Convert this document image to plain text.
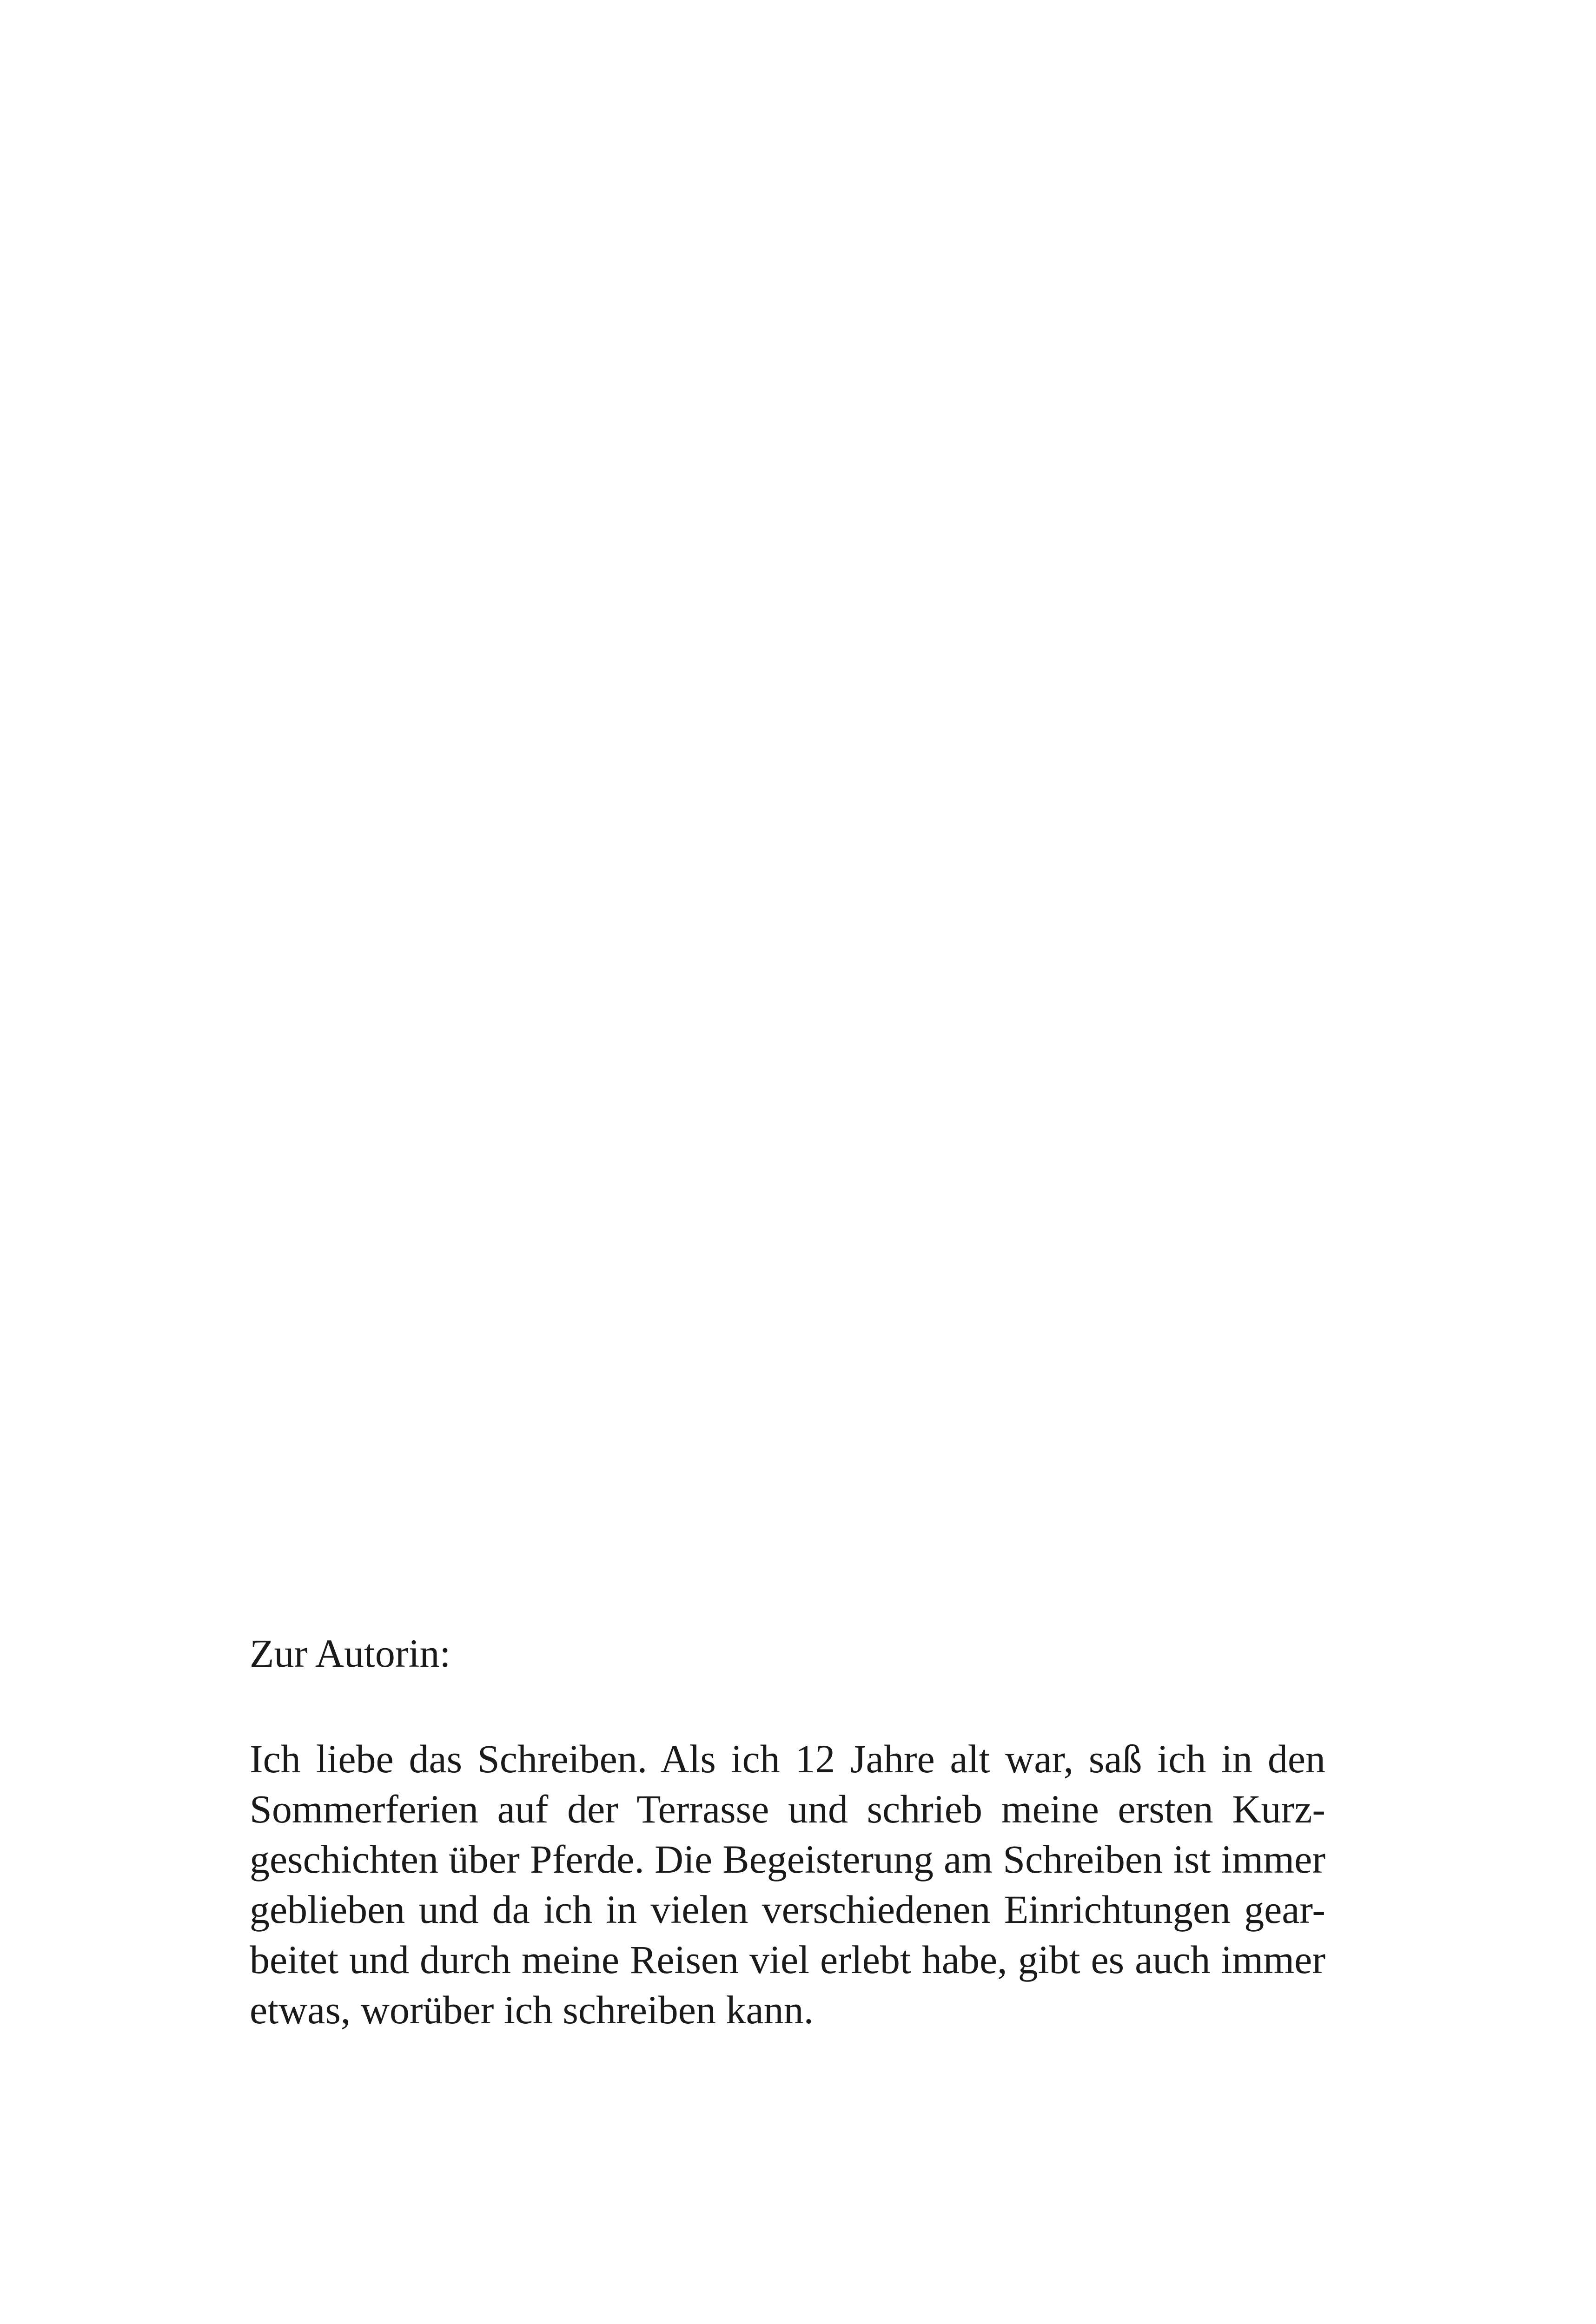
Zur Autorin:
Ich liebe das Schreiben. Als ich 12 Jahre alt war, saß ich in den
Sommerferien auf der Terrasse und schrieb meine ersten Kurz-
geschichten über Pferde. Die Begeisterung am Schreiben ist immer
geblieben und da ich in vielen verschiedenen Einrichtungen gear-
beitet und durch meine Reisen viel erlebt habe, gibt es auch immer
etwas, worüber ich schreiben kann.
